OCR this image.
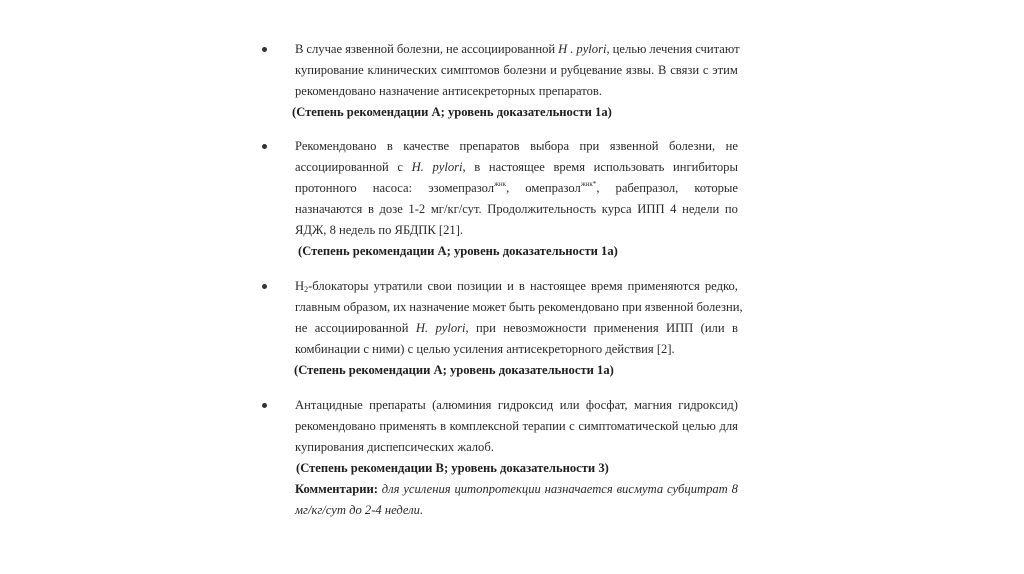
В случае язвенной болезни, не ассоциированной H . pylori, целью лечения считают
купирование клинических симптомов болезни и рубцевание язвы. В связи с этим
рекомендовано назначение антисекреторных препаратов.
(Степень рекомендации А; уровень доказательности 1а)
Рекомендовано в качестве препаратов выбора при язвенной болезни, не
ассоциированной с H. pylori, в настоящее время использовать ингибиторы
протонного насоса: эзомепразол$^{жнк}$, омепразол$^{жнк*}$, рабепразол, которые
назначаются в дозе 1-2 мг/кг/сут. Продолжительность курса ИПП 4 недели по
ЯДЖ, 8 недель по ЯБДПК [21].
(Степень рекомендации А; уровень доказательности 1а)
$H_2$-блокаторы утратили свои позиции и в настоящее время применяются редко,
главным образом, их назначение может быть рекомендовано при язвенной болезни,
не ассоциированной H. pylori, при невозможности применения ИПП (или в
комбинации с ними) с целью усиления антисекреторного действия [2].
(Степень рекомендации А; уровень доказательности 1а)
Антацидные препараты (алюминия гидроксид или фосфат, магния гидроксид)
рекомендовано применять в комплексной терапии с симптоматической целью для
купирования диспепсических жалоб.
(Степень рекомендации В; уровень доказательности 3)
Комментарии: для усиления цитопротекции назначается висмута субцитрат 8
мг/кг/сут до 2-4 недели.
